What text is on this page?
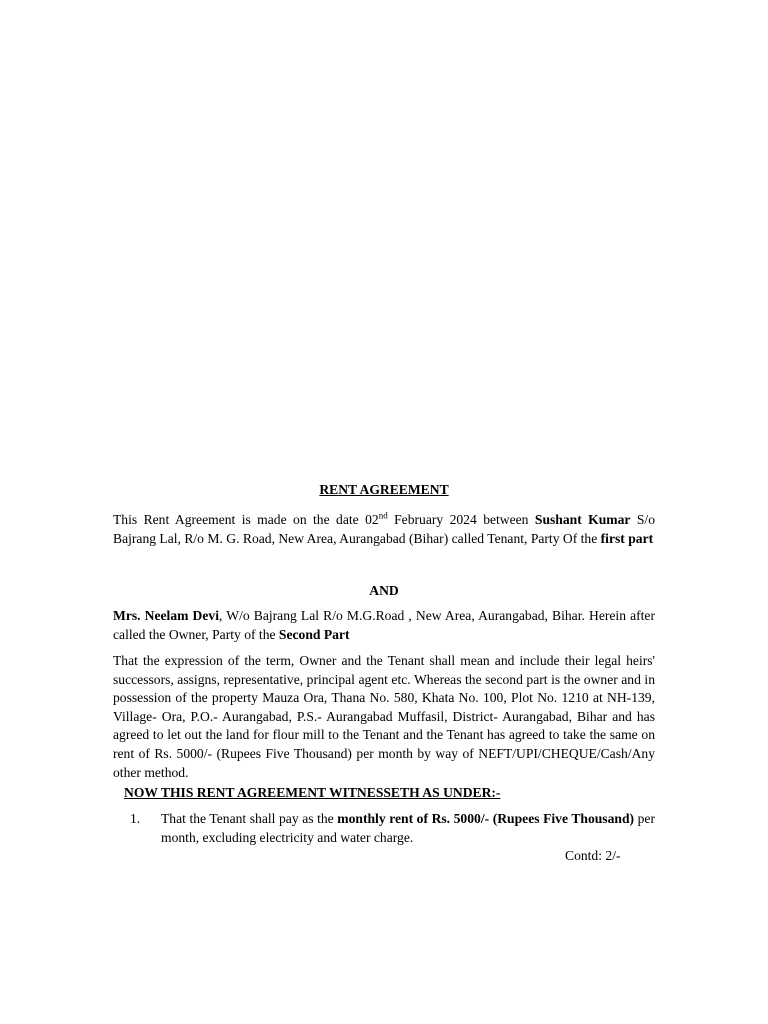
RENT AGREEMENT
This Rent Agreement is made on the date 02nd February 2024 between Sushant Kumar S/o Bajrang Lal, R/o M. G. Road, New Area, Aurangabad (Bihar) called Tenant, Party Of the first part
AND
Mrs. Neelam Devi, W/o Bajrang Lal R/o M.G.Road , New Area, Aurangabad, Bihar. Herein after called the Owner, Party of the Second Part
That the expression of the term, Owner and the Tenant shall mean and include their legal heirs' successors, assigns, representative, principal agent etc. Whereas the second part is the owner and in possession of the property Mauza Ora, Thana No. 580, Khata No. 100, Plot No. 1210 at NH-139, Village- Ora, P.O.- Aurangabad, P.S.- Aurangabad Muffasil, District- Aurangabad, Bihar and has agreed to let out the land for flour mill to the Tenant and the Tenant has agreed to take the same on rent of Rs. 5000/- (Rupees Five Thousand) per month by way of NEFT/UPI/CHEQUE/Cash/Any other method.
NOW THIS RENT AGREEMENT WITNESSETH AS UNDER:-
1.	That the Tenant shall pay as the monthly rent of Rs. 5000/- (Rupees Five Thousand) per month, excluding electricity and water charge.
Contd: 2/-
